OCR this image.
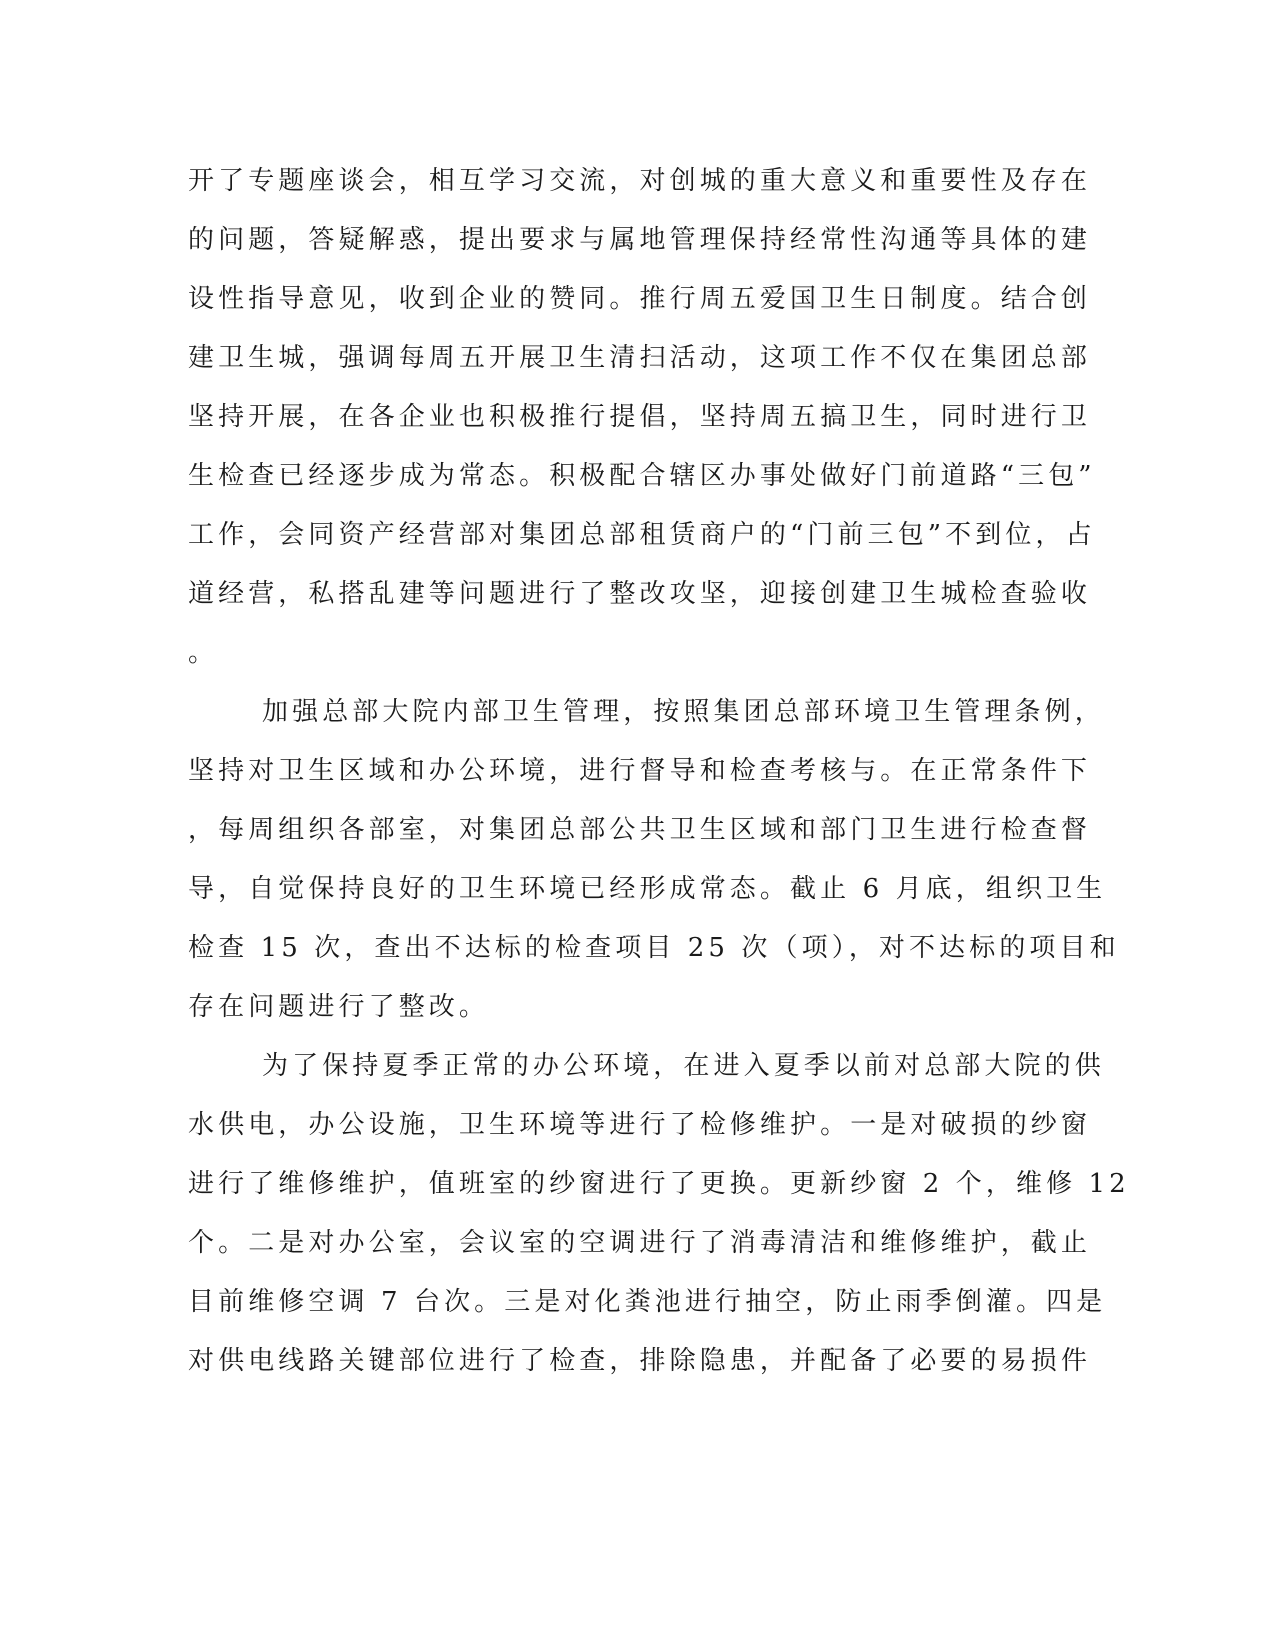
开了专题座谈会，相互学习交流，对创城的重大意义和重要性及存在
的问题，答疑解惑，提出要求与属地管理保持经常性沟通等具体的建
设性指导意见，收到企业的赞同。推行周五爱国卫生日制度。结合创
建卫生城，强调每周五开展卫生清扫活动，这项工作不仅在集团总部
坚持开展，在各企业也积极推行提倡，坚持周五搞卫生，同时进行卫
生检查已经逐步成为常态。积极配合辖区办事处做好门前道路“三包”
工作，会同资产经营部对集团总部租赁商户的“门前三包”不到位，占
道经营，私搭乱建等问题进行了整改攻坚，迎接创建卫生城检查验收
。
加强总部大院内部卫生管理，按照集团总部环境卫生管理条例，
坚持对卫生区域和办公环境，进行督导和检查考核与。在正常条件下
，每周组织各部室，对集团总部公共卫生区域和部门卫生进行检查督
导，自觉保持良好的卫生环境已经形成常态。截止 6 月底，组织卫生
检查 15 次，查出不达标的检查项目 25 次（项），对不达标的项目和
存在问题进行了整改。
为了保持夏季正常的办公环境，在进入夏季以前对总部大院的供
水供电，办公设施，卫生环境等进行了检修维护。一是对破损的纱窗
进行了维修维护，值班室的纱窗进行了更换。更新纱窗 2 个，维修 12
个。二是对办公室，会议室的空调进行了消毒清洁和维修维护，截止
目前维修空调 7 台次。三是对化粪池进行抽空，防止雨季倒灌。四是
对供电线路关键部位进行了检查，排除隐患，并配备了必要的易损件
